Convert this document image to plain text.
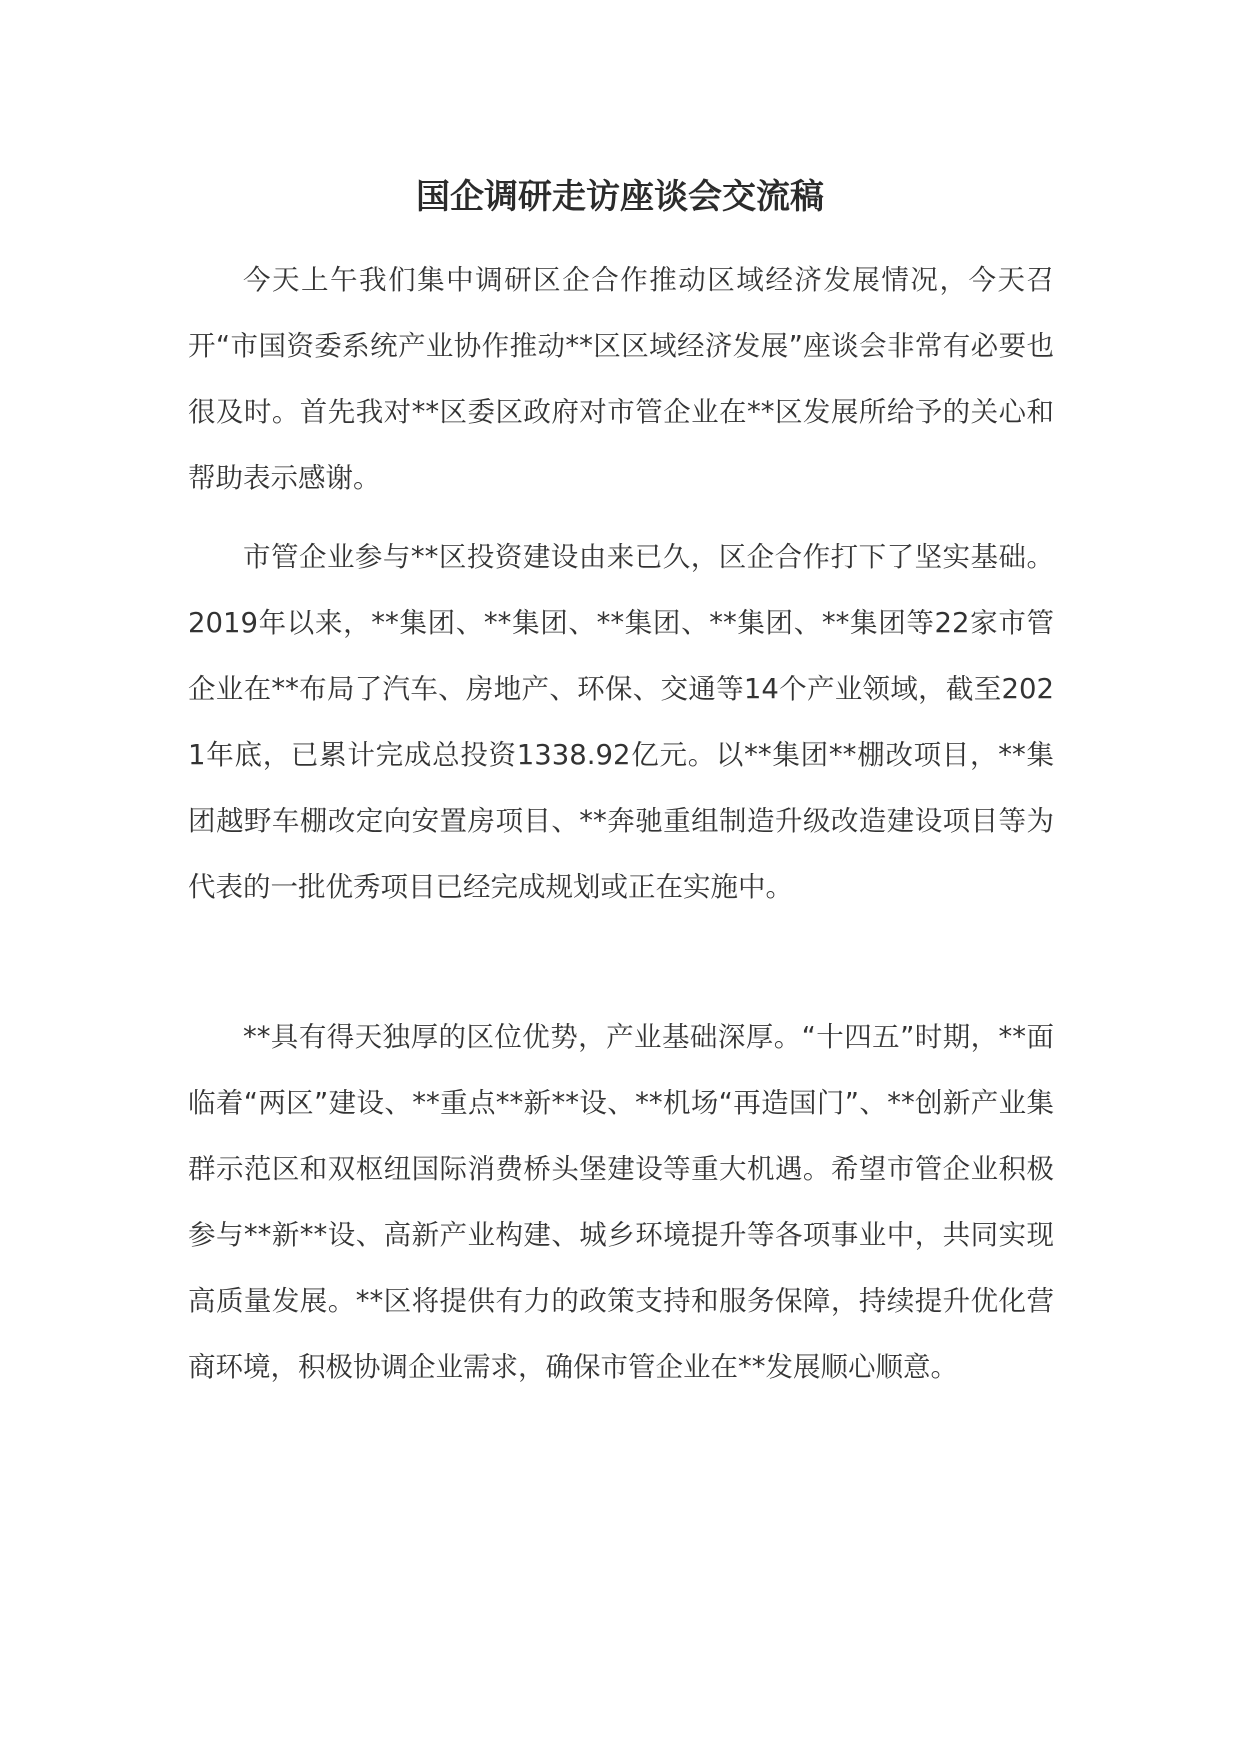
国企调研走访座谈会交流稿

今天上午我们集中调研区企合作推动区域经济发展情况，今天召开“市国资委系统产业协作推动**区区域经济发展”座谈会非常有必要也很及时。首先我对**区委区政府对市管企业在**区发展所给予的关心和帮助表示感谢。

市管企业参与**区投资建设由来已久，区企合作打下了坚实基础。2019年以来，**集团、**集团、**集团、**集团、**集团等22家市管企业在**布局了汽车、房地产、环保、交通等14个产业领域，截至2021年底，已累计完成总投资1338.92亿元。以**集团**棚改项目，**集团越野车棚改定向安置房项目、**奔驰重组制造升级改造建设项目等为代表的一批优秀项目已经完成规划或正在实施中。

**具有得天独厚的区位优势，产业基础深厚。“十四五”时期，**面临着“两区”建设、**重点**新**设、**机场“再造国门”、**创新产业集群示范区和双枢纽国际消费桥头堡建设等重大机遇。希望市管企业积极参与**新**设、高新产业构建、城乡环境提升等各项事业中，共同实现高质量发展。**区将提供有力的政策支持和服务保障，持续提升优化营商环境，积极协调企业需求，确保市管企业在**发展顺心顺意。
